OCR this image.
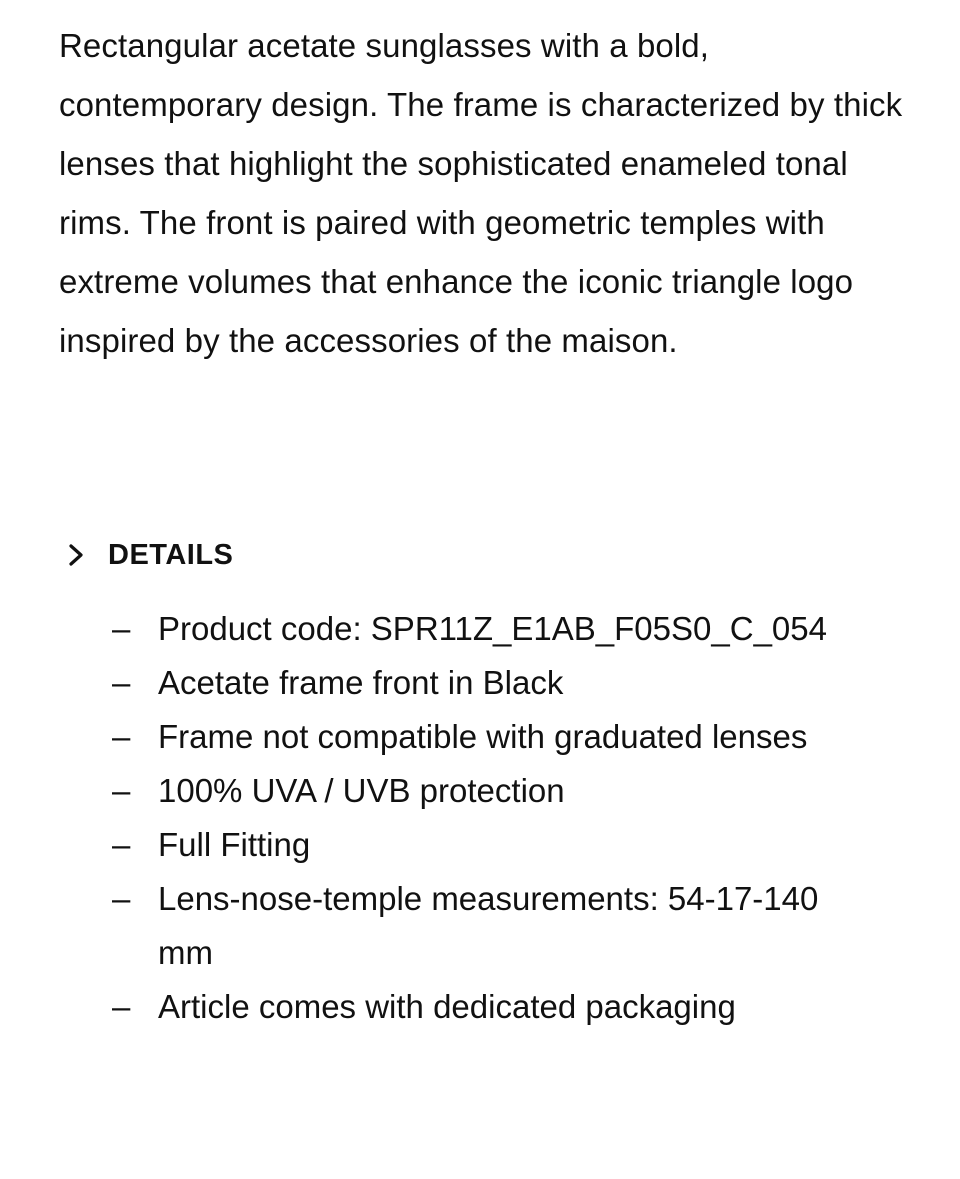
Rectangular acetate sunglasses with a bold, contemporary design. The frame is characterized by thick lenses that highlight the sophisticated enameled tonal rims. The front is paired with geometric temples with extreme volumes that enhance the iconic triangle logo inspired by the accessories of the maison.

DETAILS
– Product code: SPR11Z_E1AB_F05S0_C_054
– Acetate frame front in Black
– Frame not compatible with graduated lenses
– 100% UVA / UVB protection
– Full Fitting
– Lens-nose-temple measurements: 54-17-140 mm
– Article comes with dedicated packaging
